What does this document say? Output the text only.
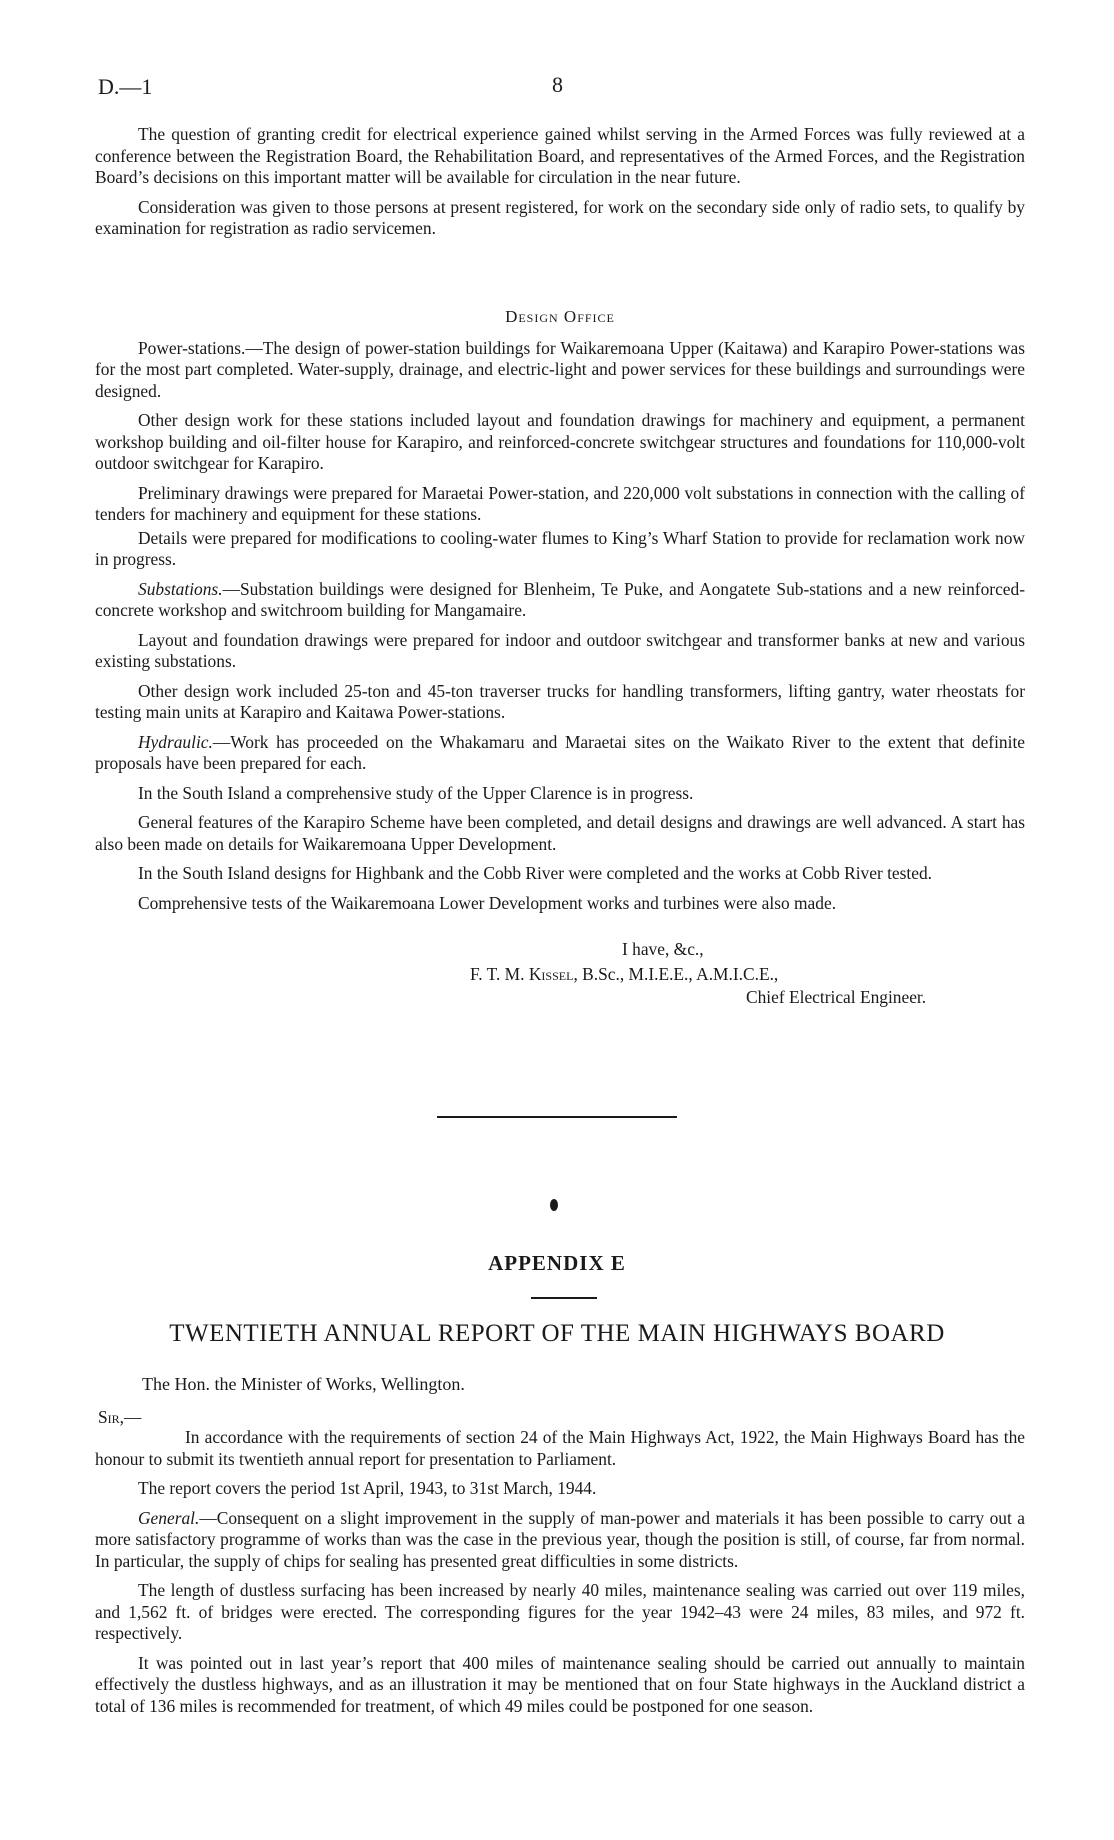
D.—1	8

The question of granting credit for electrical experience gained whilst serving in the Armed Forces was fully reviewed at a conference between the Registration Board, the Rehabilitation Board, and representatives of the Armed Forces, and the Registration Board’s decisions on this important matter will be available for circulation in the near future.

Consideration was given to those persons at present registered, for work on the secondary side only of radio sets, to qualify by examination for registration as radio servicemen.

Design Office

Power-stations.—The design of power-station buildings for Waikaremoana Upper (Kaitawa) and Karapiro Power-stations was for the most part completed. Water-supply, drainage, and electric-light and power services for these buildings and surroundings were designed.

Other design work for these stations included layout and foundation drawings for machinery and equipment, a permanent workshop building and oil-filter house for Karapiro, and reinforced-concrete switchgear structures and foundations for 110,000-volt outdoor switchgear for Karapiro.

Preliminary drawings were prepared for Maraetai Power-station, and 220,000 volt substations in connection with the calling of tenders for machinery and equipment for these stations.

Details were prepared for modifications to cooling-water flumes to King’s Wharf Station to provide for reclamation work now in progress.

Substations.—Substation buildings were designed for Blenheim, Te Puke, and Aongatete Sub-stations and a new reinforced-concrete workshop and switchroom building for Mangamaire.

Layout and foundation drawings were prepared for indoor and outdoor switchgear and transformer banks at new and various existing substations.

Other design work included 25-ton and 45-ton traverser trucks for handling transformers, lifting gantry, water rheostats for testing main units at Karapiro and Kaitawa Power-stations.

Hydraulic.—Work has proceeded on the Whakamaru and Maraetai sites on the Waikato River to the extent that definite proposals have been prepared for each.

In the South Island a comprehensive study of the Upper Clarence is in progress.

General features of the Karapiro Scheme have been completed, and detail designs and drawings are well advanced. A start has also been made on details for Waikaremoana Upper Development.

In the South Island designs for Highbank and the Cobb River were completed and the works at Cobb River tested.

Comprehensive tests of the Waikaremoana Lower Development works and turbines were also made.

I have, &c.,
F. T. M. Kissel, B.Sc., M.I.E.E., A.M.I.C.E.,
Chief Electrical Engineer.
APPENDIX E
TWENTIETH ANNUAL REPORT OF THE MAIN HIGHWAYS BOARD
The Hon. the Minister of Works, Wellington.
Sir,—

In accordance with the requirements of section 24 of the Main Highways Act, 1922, the Main Highways Board has the honour to submit its twentieth annual report for presentation to Parliament.

The report covers the period 1st April, 1943, to 31st March, 1944.

General.—Consequent on a slight improvement in the supply of man-power and materials it has been possible to carry out a more satisfactory programme of works than was the case in the previous year, though the position is still, of course, far from normal. In particular, the supply of chips for sealing has presented great difficulties in some districts.

The length of dustless surfacing has been increased by nearly 40 miles, maintenance sealing was carried out over 119 miles, and 1,562 ft. of bridges were erected. The corresponding figures for the year 1942–43 were 24 miles, 83 miles, and 972 ft. respectively.

It was pointed out in last year’s report that 400 miles of maintenance sealing should be carried out annually to maintain effectively the dustless highways, and as an illustration it may be mentioned that on four State highways in the Auckland district a total of 136 miles is recommended for treatment, of which 49 miles could be postponed for one season.
